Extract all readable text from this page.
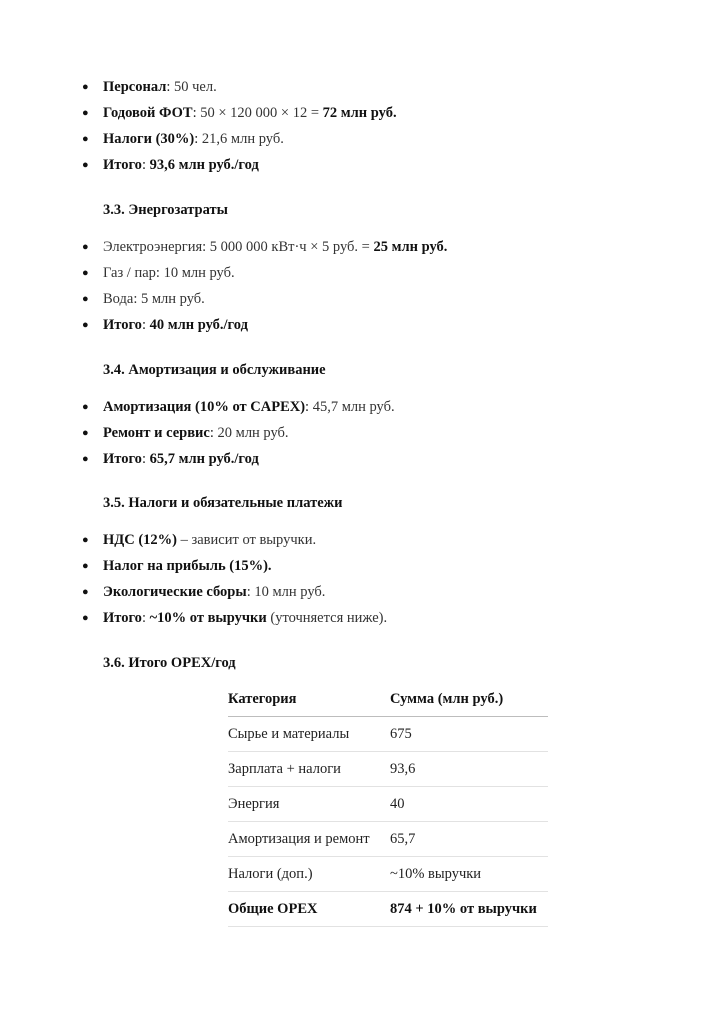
● Персонал: 50 чел.
● Годовой ФОТ: 50 × 120 000 × 12 = 72 млн руб.
● Налоги (30%): 21,6 млн руб.
● Итого: 93,6 млн руб./год
3.3. Энергозатраты
● Электроэнергия: 5 000 000 кВт·ч × 5 руб. = 25 млн руб.
● Газ / пар: 10 млн руб.
● Вода: 5 млн руб.
● Итого: 40 млн руб./год
3.4. Амортизация и обслуживание
● Амортизация (10% от CAPEX): 45,7 млн руб.
● Ремонт и сервис: 20 млн руб.
● Итого: 65,7 млн руб./год
3.5. Налоги и обязательные платежи
● НДС (12%) – зависит от выручки.
● Налог на прибыль (15%).
● Экологические сборы: 10 млн руб.
● Итого: ~10% от выручки (уточняется ниже).
3.6. Итого OPEX/год
Категория	Сумма (млн руб.)
Сырье и материалы	675
Зарплата + налоги	93,6
Энергия	40
Амортизация и ремонт	65,7
Налоги (доп.)	~10% выручки
Общие OPEX	874 + 10% от выручки
